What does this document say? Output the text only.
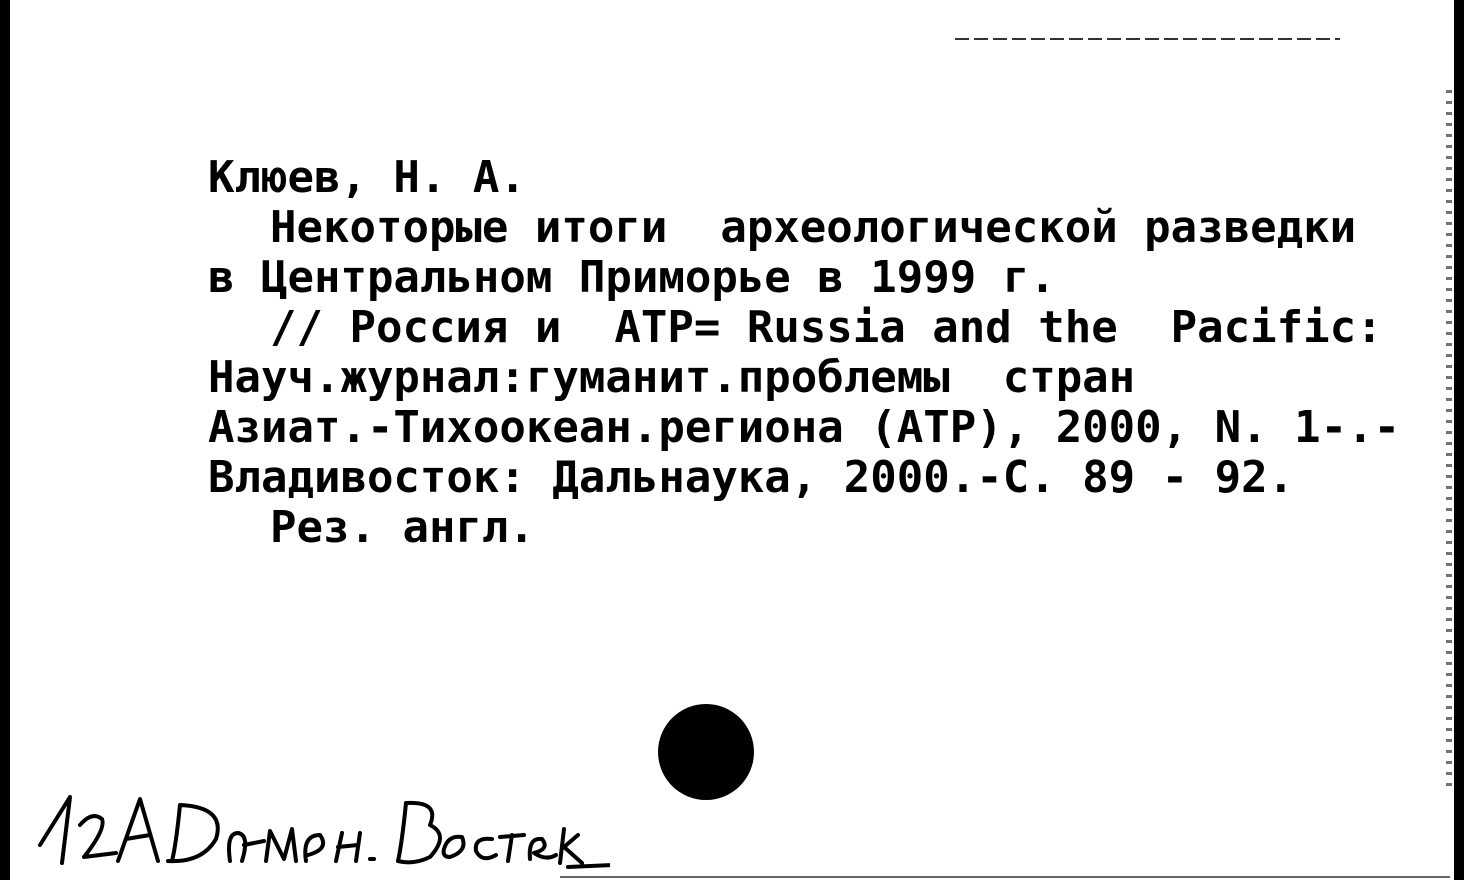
Клюев, Н. А.
Некоторые итоги  археологической разведки
в Центральном Приморье в 1999 г.
// Россия и  АТР= Russia and the  Pacific:
Науч.журнал:гуманит.проблемы  стран
Азиат.-Тихоокеан.региона (АТР), 2000, N. 1-.-
Владивосток: Дальнаука, 2000.-С. 89 - 92.
Рез. англ.
